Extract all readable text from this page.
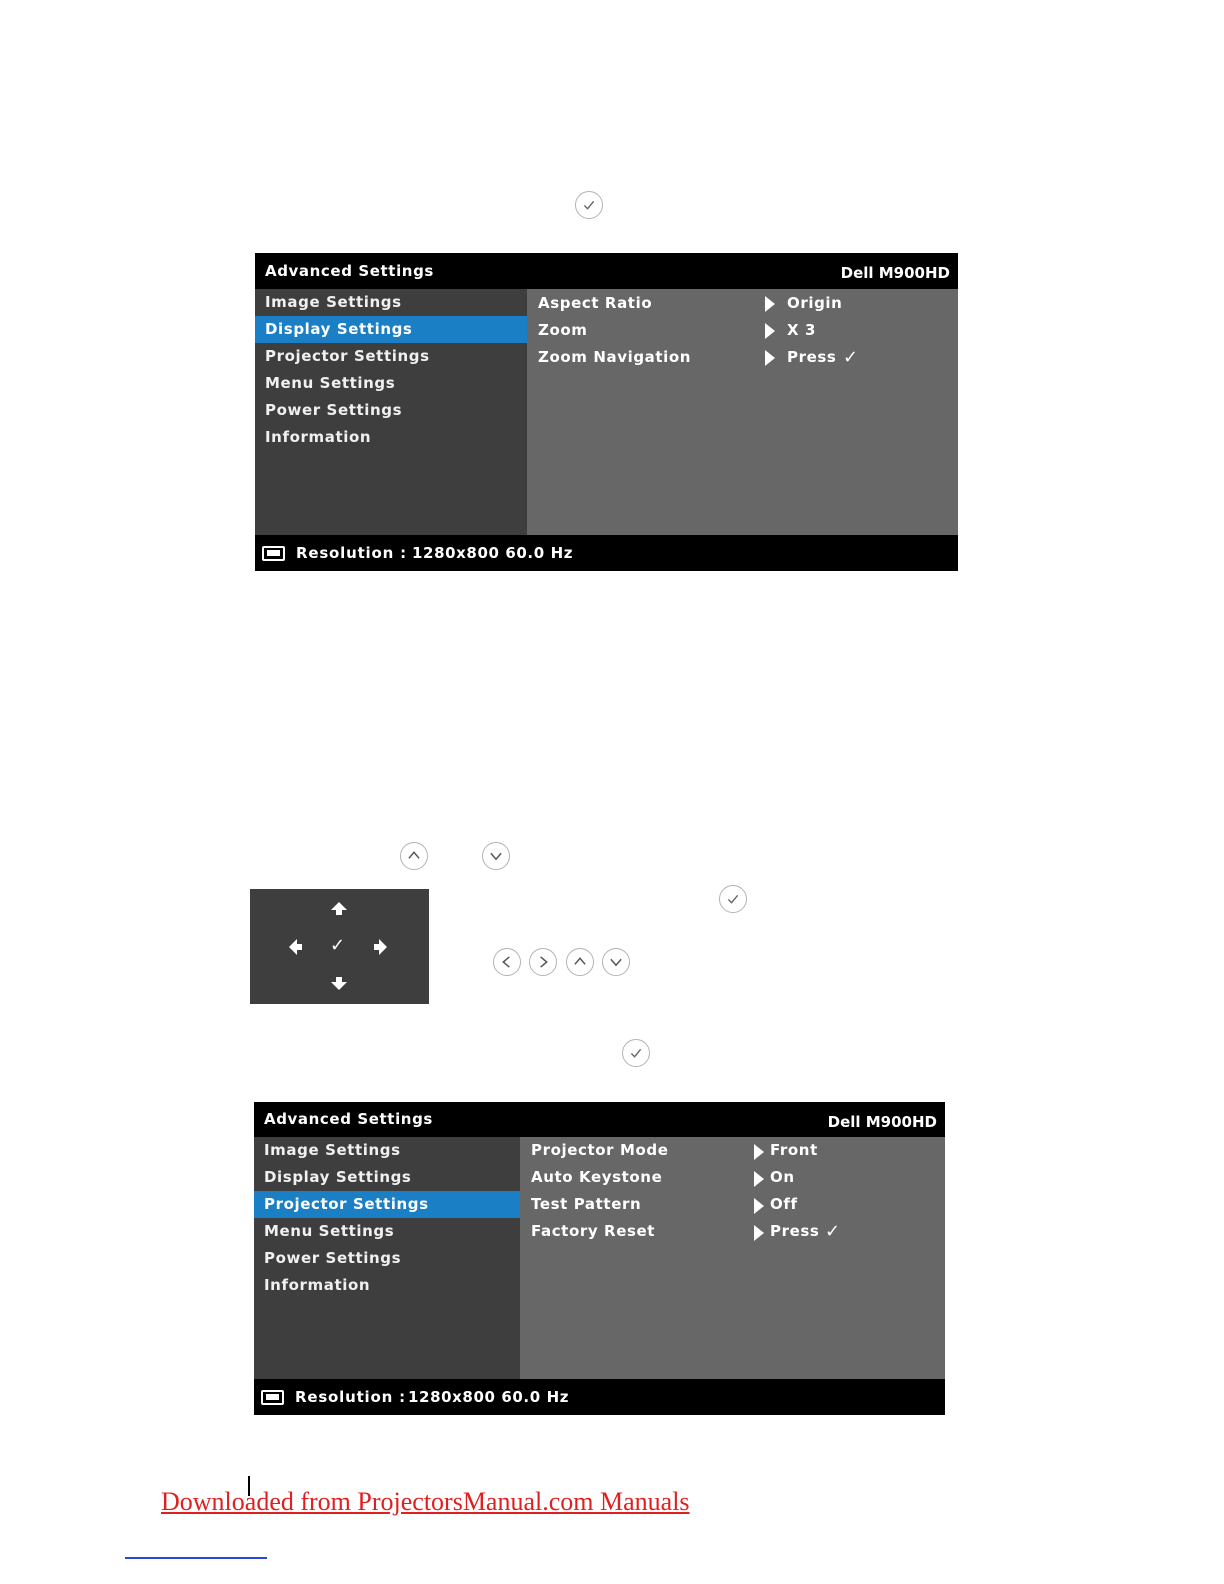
Advanced Settings	Dell M900HD
Image Settings
Display Settings
Projector Settings
Menu Settings
Power Settings
Information
Aspect Ratio	Origin
Zoom	X 3
Zoom Navigation	Press ✓
Resolution : 1280x800 60.0 Hz
✓
Advanced Settings	Dell M900HD
Image Settings
Display Settings
Projector Settings
Menu Settings
Power Settings
Information
Projector Mode	Front
Auto Keystone	On
Test Pattern	Off
Factory Reset	Press ✓
Resolution : 1280x800 60.0 Hz
Downloaded from ProjectorsManual.com Manuals
